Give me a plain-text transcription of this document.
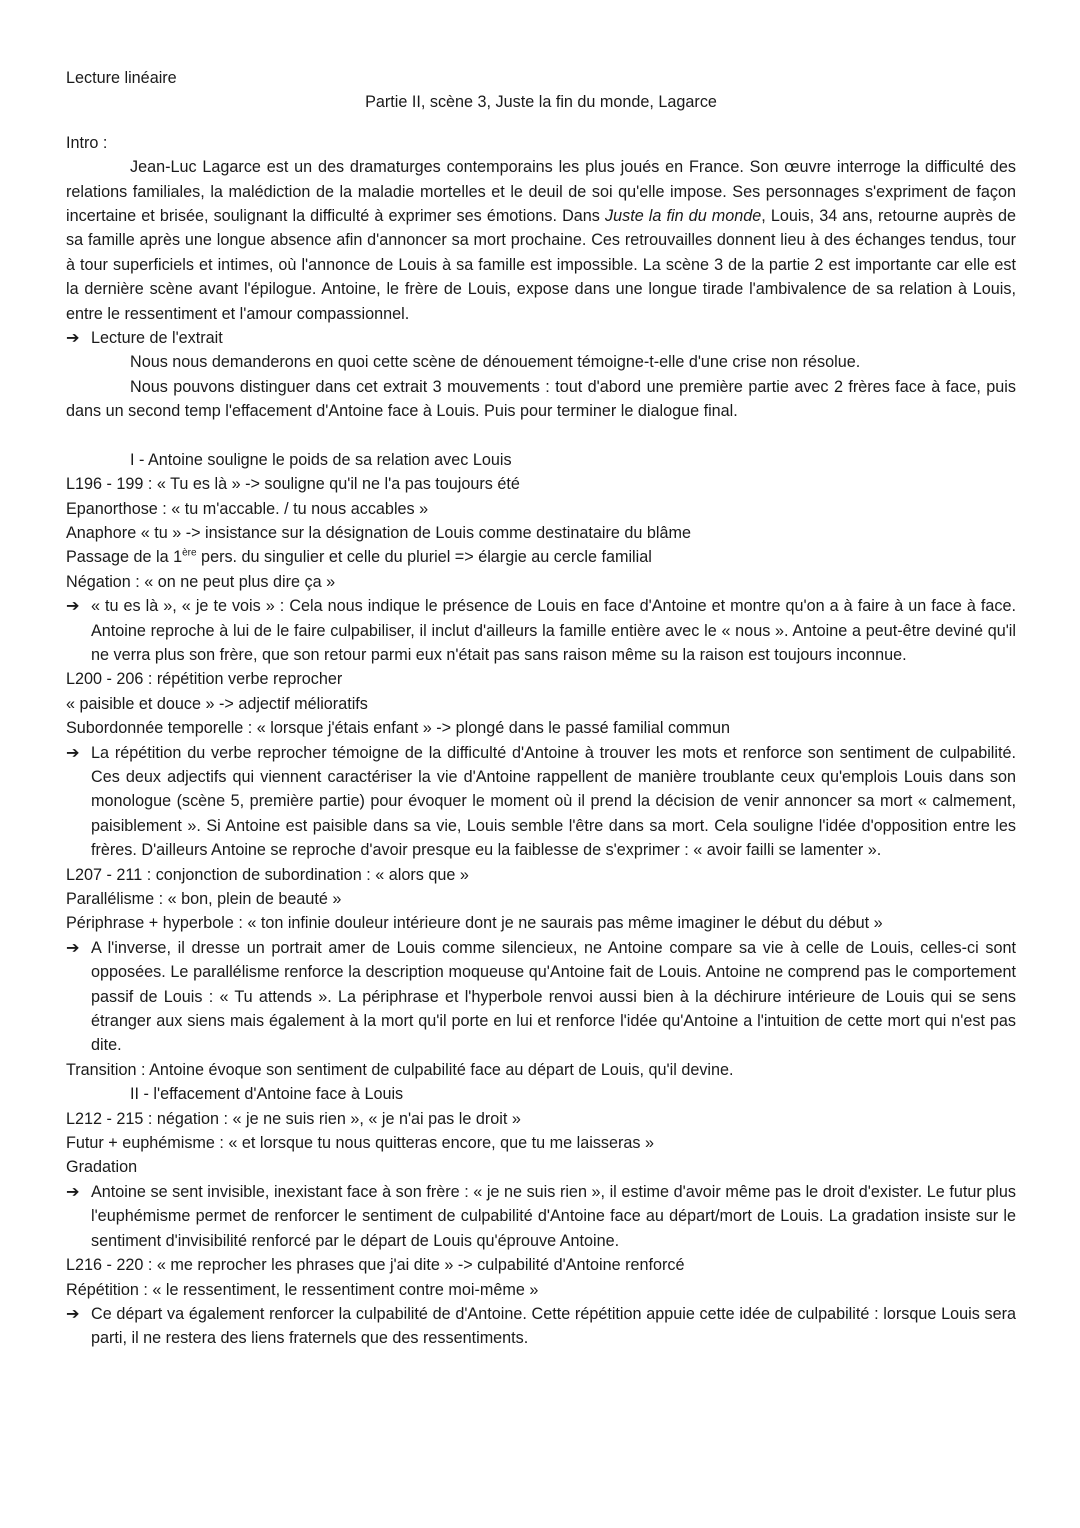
Lecture linéaire
Partie II, scène 3, Juste la fin du monde, Lagarce
Intro :
Jean-Luc Lagarce est un des dramaturges contemporains les plus joués en France. Son œuvre interroge la difficulté des relations familiales, la malédiction de la maladie mortelles et le deuil de soi qu'elle impose. Ses personnages s'expriment de façon incertaine et brisée, soulignant la difficulté à exprimer ses émotions. Dans Juste la fin du monde, Louis, 34 ans, retourne auprès de sa famille après une longue absence afin d'annoncer sa mort prochaine. Ces retrouvailles donnent lieu à des échanges tendus, tour à tour superficiels et intimes, où l'annonce de Louis à sa famille est impossible. La scène 3 de la partie 2 est importante car elle est la dernière scène avant l'épilogue. Antoine, le frère de Louis, expose dans une longue tirade l'ambivalence de sa relation à Louis, entre le ressentiment et l'amour compassionnel.
➔ Lecture de l'extrait
Nous nous demanderons en quoi cette scène de dénouement témoigne-t-elle d'une crise non résolue.
Nous pouvons distinguer dans cet extrait 3 mouvements : tout d'abord une première partie avec 2 frères face à face, puis dans un second temp l'effacement d'Antoine face à Louis. Puis pour terminer le dialogue final.
I - Antoine souligne le poids de sa relation avec Louis
L196 - 199 : « Tu es là » -> souligne qu'il ne l'a pas toujours été
Epanorthose : « tu m'accable. / tu nous accables »
Anaphore « tu » -> insistance sur la désignation de Louis comme destinataire du blâme
Passage de la 1ère pers. du singulier et celle du pluriel => élargie au cercle familial
Négation : « on ne peut plus dire ça »
➔ « tu es là », « je te vois » : Cela nous indique le présence de Louis en face d'Antoine et montre qu'on a à faire à un face à face. Antoine reproche à lui de le faire culpabiliser, il inclut d'ailleurs la famille entière avec le « nous ». Antoine a peut-être deviné qu'il ne verra plus son frère, que son retour parmi eux n'était pas sans raison même su la raison est toujours inconnue.
L200 - 206 : répétition verbe reprocher
« paisible et douce » -> adjectif mélioratifs
Subordonnée temporelle : « lorsque j'étais enfant » -> plongé dans le passé familial commun
➔ La répétition du verbe reprocher témoigne de la difficulté d'Antoine à trouver les mots et renforce son sentiment de culpabilité. Ces deux adjectifs qui viennent caractériser la vie d'Antoine rappellent de manière troublante ceux qu'emplois Louis dans son monologue (scène 5, première partie) pour évoquer le moment où il prend la décision de venir annoncer sa mort « calmement, paisiblement ». Si Antoine est paisible dans sa vie, Louis semble l'être dans sa mort. Cela souligne l'idée d'opposition entre les frères. D'ailleurs Antoine se reproche d'avoir presque eu la faiblesse de s'exprimer : « avoir failli se lamenter ».
L207 - 211 : conjonction de subordination : « alors que »
Parallélisme : « bon, plein de beauté »
Périphrase + hyperbole : « ton infinie douleur intérieure dont je ne saurais pas même imaginer le début du début »
➔ A l'inverse, il dresse un portrait amer de Louis comme silencieux, ne Antoine compare sa vie à celle de Louis, celles-ci sont opposées. Le parallélisme renforce la description moqueuse qu'Antoine fait de Louis. Antoine ne comprend pas le comportement passif de Louis : « Tu attends ». La périphrase et l'hyperbole renvoi aussi bien à la déchirure intérieure de Louis qui se sens étranger aux siens mais également à la mort qu'il porte en lui et renforce l'idée qu'Antoine a l'intuition de cette mort qui n'est pas dite.
Transition : Antoine évoque son sentiment de culpabilité face au départ de Louis, qu'il devine.
II - l'effacement d'Antoine face à Louis
L212 - 215 : négation : « je ne suis rien », « je n'ai pas le droit »
Futur + euphémisme : « et lorsque tu nous quitteras encore, que tu me laisseras »
Gradation
➔ Antoine se sent invisible, inexistant face à son frère : « je ne suis rien », il estime d'avoir même pas le droit d'exister. Le futur plus l'euphémisme permet de renforcer le sentiment de culpabilité d'Antoine face au départ/mort de Louis. La gradation insiste sur le sentiment d'invisibilité renforcé par le départ de Louis qu'éprouve Antoine.
L216 - 220 : « me reprocher les phrases que j'ai dite » -> culpabilité d'Antoine renforcé
Répétition : « le ressentiment, le ressentiment contre moi-même »
➔ Ce départ va également renforcer la culpabilité de d'Antoine. Cette répétition appuie cette idée de culpabilité : lorsque Louis sera parti, il ne restera des liens fraternels que des ressentiments.
